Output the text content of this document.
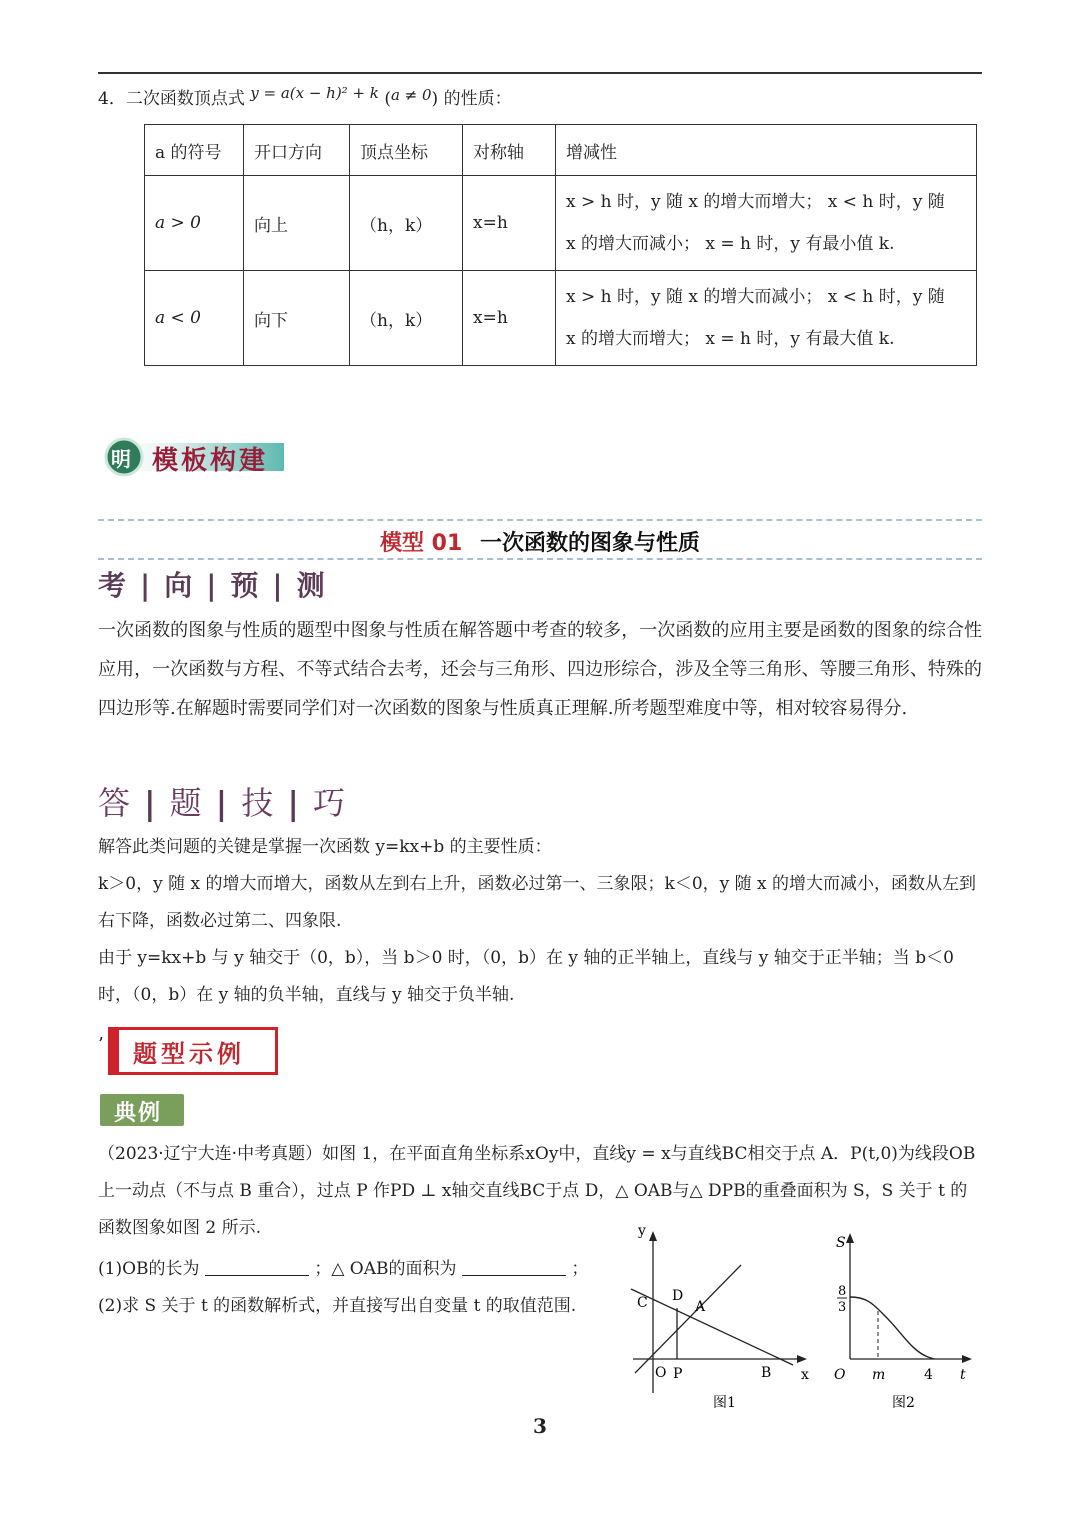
4．二次函数顶点式 y = a(x − h)² + k (a ≠ 0) 的性质：
a 的符号	开口方向	顶点坐标	对称轴	增减性
a > 0	向上	（h，k）	x=h	x > h 时，y 随 x 的增大而增大； x < h 时，y 随
x 的增大而减小； x = h 时，y 有最小值 k.

a < 0	向下	（h，k）	x=h	x > h 时，y 随 x 的增大而减小； x < h 时，y 随
x 的增大而增大； x = h 时，y 有最大值 k.
明 模板构建
模型 01 一次函数的图象与性质
考 | 向 | 预 | 测
一次函数的图象与性质的题型中图象与性质在解答题中考查的较多，一次函数的应用主要是函数的图象的综合性应用，一次函数与方程、不等式结合去考，还会与三角形、四边形综合，涉及全等三角形、等腰三角形、特殊的四边形等.在解题时需要同学们对一次函数的图象与性质真正理解.所考题型难度中等，相对较容易得分.
答 | 题 | 技 | 巧
解答此类问题的关键是掌握一次函数 y=kx+b 的主要性质：
k＞0，y 随 x 的增大而增大，函数从左到右上升，函数必过第一、三象限；k＜0，y 随 x 的增大而减小，函数从左到右下降，函数必过第二、四象限.
由于 y=kx+b 与 y 轴交于（0，b），当 b＞0 时，（0，b）在 y 轴的正半轴上，直线与 y 轴交于正半轴；当 b＜0 时，（0，b）在 y 轴的负半轴，直线与 y 轴交于负半轴.
’ 题型示例
典例
（2023·辽宁大连·中考真题）如图 1，在平面直角坐标系xOy中，直线y = x与直线BC相交于点 A．P(t,0)为线段OB上一动点（不与点 B 重合），过点 P 作PD ⊥ x轴交直线BC于点 D，△ OAB与△ DPB的重叠面积为 S，S 关于 t 的函数图象如图 2 所示.
(1)OB的长为	；△ OAB的面积为	；
(2)求 S 关于 t 的函数解析式，并直接写出自变量 t 的取值范围.
y
x
C D
A
O P	B
图1
S
8
3
O m	4 t
图2
3
